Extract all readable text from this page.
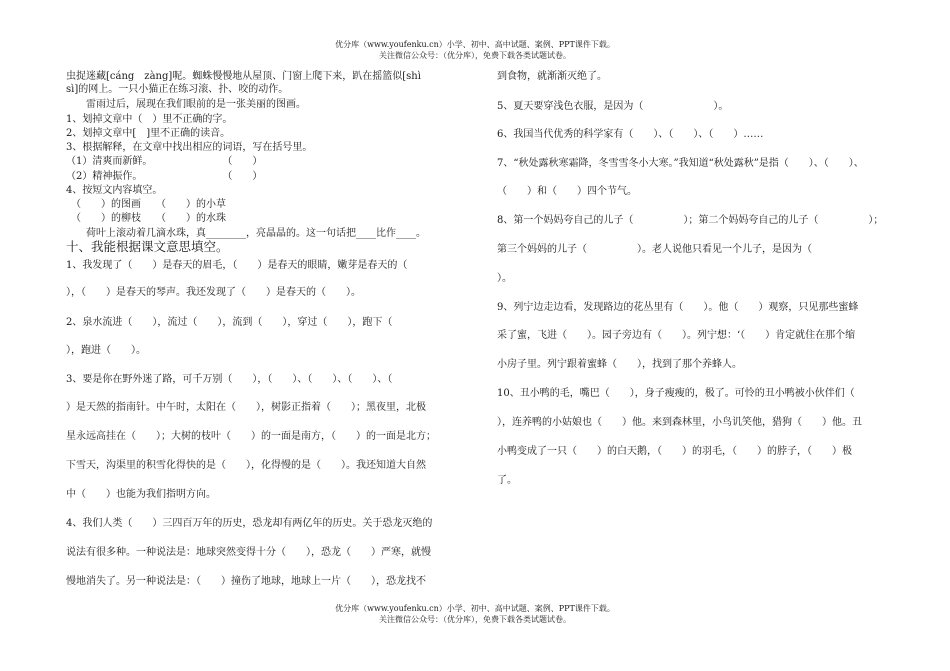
优分库（www.youfenku.cn）小学、初中、高中试题、案例、PPT课件下载。
关注微信公众号：（优分库），免费下载各类试题试卷。
虫捉迷藏[cáng　zàng]呢。蜘蛛慢慢地从屋顶、门窗上爬下来，趴在摇篮似[shì
sì]的网上。一只小猫正在练习滚、扑、咬的动作。
　　雷雨过后，展现在我们眼前的是一张美丽的图画。
1、划掉文章中（　）里不正确的字。
2、划掉文章中[　]里不正确的读音。
3、根据解释，在文章中找出相应的词语，写在括号里。
（1）清爽而新鲜。　　　　　　　　（　　）
（2）精神振作。　　　　　　　　　（　　）
4、按短文内容填空。
　（　　）的图画　　（　　）的小草
　（　　）的柳枝　　（　　）的水珠
　　荷叶上滚动着几滴水珠，真________，亮晶晶的。这一句话把____比作____。
十、我能根据课文意思填空。
1、我发现了（　　）是春天的眉毛，（　　）是春天的眼睛，嫩芽是春天的（
），（　　）是春天的琴声。我还发现了（　　）是春天的（　　）。
2、泉水流进（　　），流过（　　），流到（　　），穿过（　　），跑下（
），跑进（　　）。
3、要是你在野外迷了路，可千万别（　　），（　　）、（　　）、（　　）、（
）是天然的指南针。中午时，太阳在（　　），树影正指着（　　）；黑夜里，北极
星永远高挂在（　　）；大树的枝叶（　　）的一面是南方，（　　）的一面是北方；
下雪天，沟渠里的积雪化得快的是（　　），化得慢的是（　　）。我还知道大自然
中（　　）也能为我们指明方向。
4、我们人类（　　）三四百万年的历史，恐龙却有两亿年的历史。关于恐龙灭绝的
说法有很多种。一种说法是：地球突然变得十分（　　），恐龙（　　）严寒，就慢
慢地消失了。另一种说法是：（　　）撞伤了地球，地球上一片（　　），恐龙找不
到食物，就渐渐灭绝了。
5、夏天要穿浅色衣服，是因为（　　　　　　　）。
6、我国当代优秀的科学家有（　　）、（　　）、（　　）……
7、“秋处露秋寒霜降，冬雪雪冬小大寒。”我知道“秋处露秋”是指（　　）、（　　）、
（　　）和（　　）四个节气。
8、第一个妈妈夸自己的儿子（　　　　　）；第二个妈妈夸自己的儿子（　　　　　）；
第三个妈妈的儿子（　　　　　）。老人说他只看见一个儿子，是因为（
）。
9、列宁边走边看，发现路边的花丛里有（　　）。他（　　）观察，只见那些蜜蜂
采了蜜，飞进（　　）。园子旁边有（　　）。列宁想：‘（　　）肯定就住在那个缩
小房子里。列宁跟着蜜蜂（　　），找到了那个养蜂人。
10、丑小鸭的毛，嘴巴（　　），身子瘦瘦的，极了。可怜的丑小鸭被小伙伴们（
），连养鸭的小姑娘也（　　）他。来到森林里，小鸟讥笑他，猎狗（　　）他。丑
小鸭变成了一只（　　）的白天鹅，（　　）的羽毛，（　　）的脖子，（　　）极
了。
优分库（www.youfenku.cn）小学、初中、高中试题、案例、PPT课件下载。
关注微信公众号：（优分库），免费下载各类试题试卷。
